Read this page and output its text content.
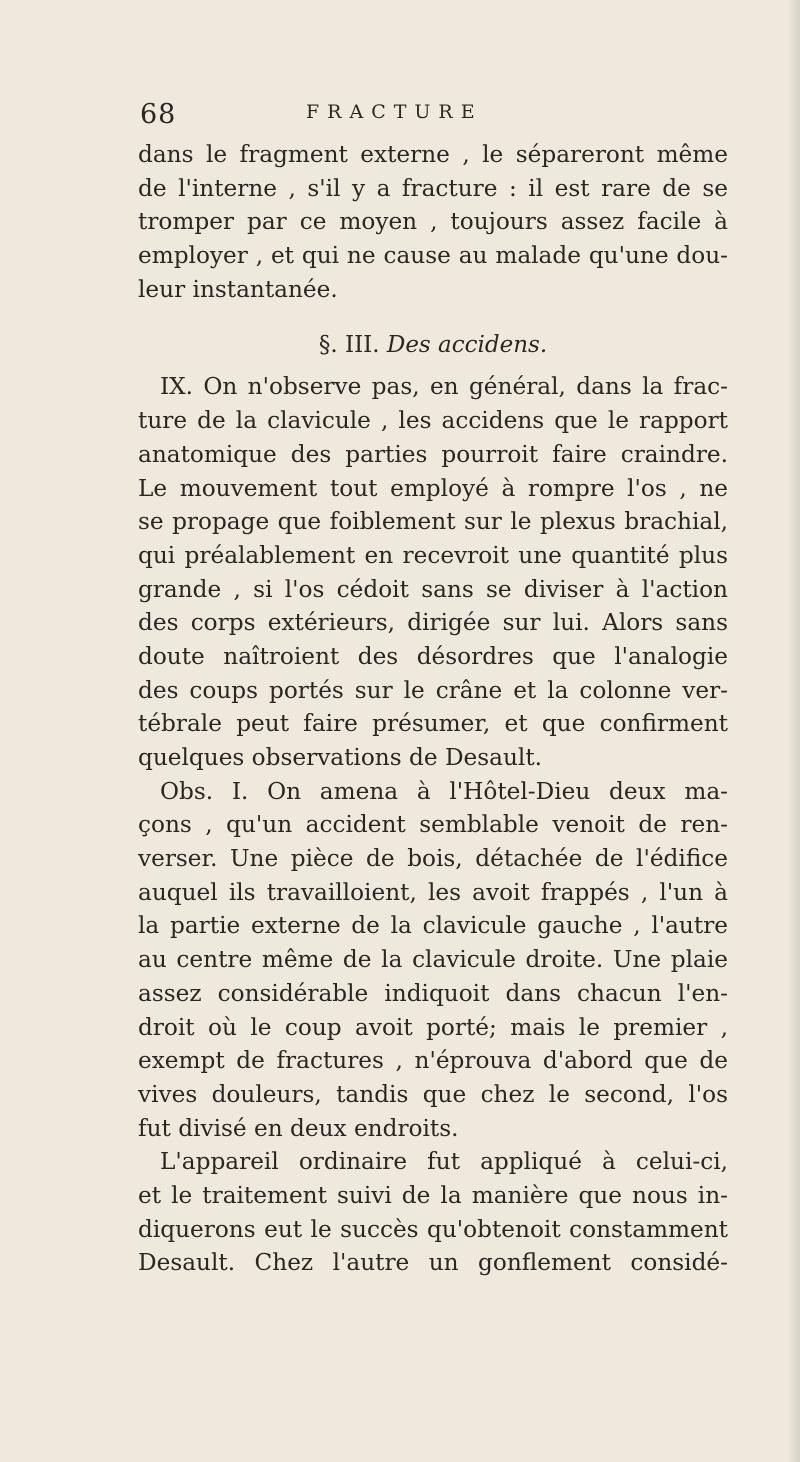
68	FRACTURE
dans le fragment externe , le sépareront même
de l'interne , s'il y a fracture : il est rare de se
tromper par ce moyen , toujours assez facile à
employer , et qui ne cause au malade qu'une dou-
leur instantanée.
§. III. Des accidens.
IX. On n'observe pas, en général, dans la frac-
ture de la clavicule , les accidens que le rapport
anatomique des parties pourroit faire craindre.
Le mouvement tout employé à rompre l'os , ne
se propage que foiblement sur le plexus brachial,
qui préalablement en recevroit une quantité plus
grande , si l'os cédoit sans se diviser à l'action
des corps extérieurs, dirigée sur lui. Alors sans
doute naîtroient des désordres que l'analogie
des coups portés sur le crâne et la colonne ver-
tébrale peut faire présumer, et que confirment
quelques observations de Desault.
Obs. I. On amena à l'Hôtel-Dieu deux ma-
çons , qu'un accident semblable venoit de ren-
verser. Une pièce de bois, détachée de l'édifice
auquel ils travailloient, les avoit frappés , l'un à
la partie externe de la clavicule gauche , l'autre
au centre même de la clavicule droite. Une plaie
assez considérable indiquoit dans chacun l'en-
droit où le coup avoit porté; mais le premier ,
exempt de fractures , n'éprouva d'abord que de
vives douleurs, tandis que chez le second, l'os
fut divisé en deux endroits.
L'appareil ordinaire fut appliqué à celui-ci,
et le traitement suivi de la manière que nous in-
diquerons eut le succès qu'obtenoit constamment
Desault. Chez l'autre un gonflement considé-
